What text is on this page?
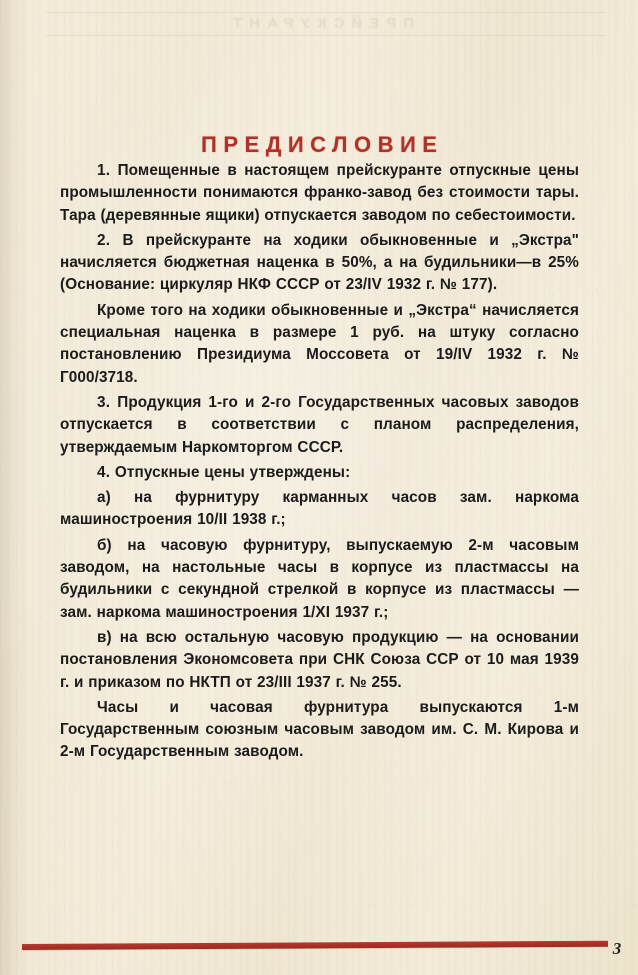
ПРЕЙСКУРАНТ
ПРЕДИСЛОВИЕ

1. Помещенные в настоящем прейскуранте отпускные цены промышленности понимаются франко-завод без стоимости тары. Тара (деревянные ящики) отпускается заводом по себестоимости.

2. В прейскуранте на ходики обыкновенные и „Экстра" начисляется бюджетная наценка в 50%, а на будильники—в 25% (Основание: циркуляр НКФ СССР от 23/IV 1932 г. № 177).

Кроме того на ходики обыкновенные и „Экстра“ начисляется специальная наценка в размере 1 руб. на штуку согласно постановлению Президиума Моссовета от 19/IV 1932 г. № Г000/3718.

3. Продукция 1-го и 2-го Государственных часовых заводов отпускается в соответствии с планом распределения, утверждаемым Наркомторгом СССР.

4. Отпускные цены утверждены:

а) на фурнитуру карманных часов зам. наркома машиностроения 10/II 1938 г.;

б) на часовую фурнитуру, выпускаемую 2-м часовым заводом, на настольные часы в корпусе из пластмассы на будильники с секундной стрелкой в корпусе из пластмассы — зам. наркома машиностроения 1/XI 1937 г.;

в) на всю остальную часовую продукцию — на основании постановления Экономсовета при СНК Союза ССР от 10 мая 1939 г. и приказом по НКТП от 23/III 1937 г. № 255.

Часы и часовая фурнитура выпускаются 1-м Государственным союзным часовым заводом им. С. М. Кирова и 2-м Государственным заводом.

3
